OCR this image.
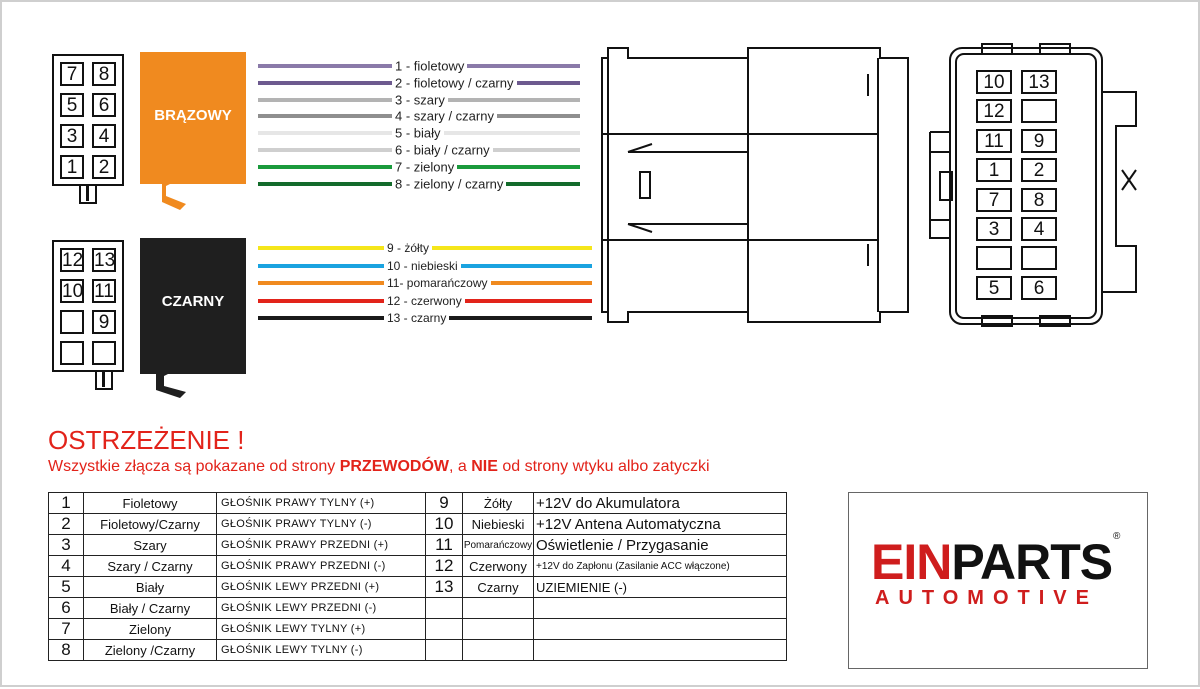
7	8
5	6
3	4
1	2
BRĄZOWY
1 - fioletowy
2 - fioletowy / czarny
3 - szary
4 - szary / czarny
5 - biały
6 - biały / czarny
7 - zielony
8 - zielony / czarny
12 13
10 11
9
CZARNY
9 - żółty
10 - niebieski
11- pomarańczowy
12 - czerwony
13 - czarny
10	13
12
11	9
1	2
7	8
3	4
5	6
OSTRZEŻENIE !
Wszystkie złącza są pokazane od strony PRZEWODÓW, a NIE od strony wtyku albo zatyczki
1	Fioletowy	GŁOŚNIK PRAWY TYLNY (+)	9	Żółty	+12V do Akumulatora
2	Fioletowy/Czarny	GŁOŚNIK PRAWY TYLNY (-)	10	Niebieski	+12V Antena Automatyczna
3	Szary	GŁOŚNIK PRAWY PRZEDNI (+)	11	Pomarańczowy	Oświetlenie / Przygasanie
4	Szary / Czarny	GŁOŚNIK PRAWY PRZEDNI (-)	12	Czerwony	+12V do Zapłonu (Zasilanie ACC włączone)
5	Biały	GŁOŚNIK LEWY PRZEDNI (+)	13	Czarny	UZIEMIENIE (-)
6	Biały / Czarny	GŁOŚNIK LEWY PRZEDNI (-)			
7	Zielony	GŁOŚNIK LEWY TYLNY (+)			
8	Zielony /Czarny	GŁOŚNIK LEWY TYLNY (-)			
EINPARTS ®
AUTOMOTIVE
